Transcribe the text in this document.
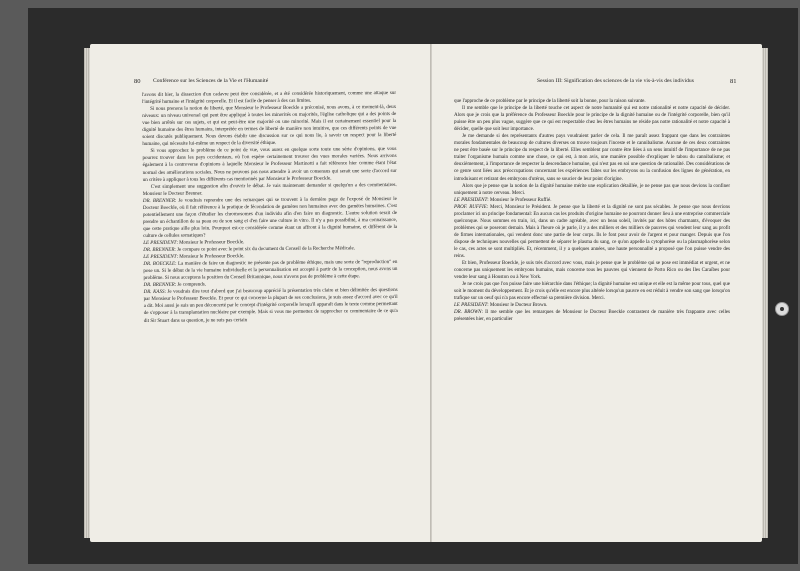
80 Conférence sur les Sciences de la Vie et l'Humanité

l'avons dit hier, la dissection d'un cadavre peut être considérée, et a été considérée historiquement, comme une attaque sur l'intégrité humaine et l'intégrité corporelle. Et il est facile de penser à des cas limites.

Si nous prenons la notion de liberté, que Monsieur le Professeur Boeckle a préconisé, nous avons, à ce moment-là, deux niveaux: un niveau universel qui peut être appliqué à toutes les minorités ou majorités, l'église catholique qui a des points de vue bien arrêtés sur ces sujets, et qui est peut-être une majorité ou une minorité. Mais il est certainement essentiel pour la dignité humaine des êtres humains, interprétée en termes de liberté de manière non intuitive, que ces différents points de vue soient discutés publiquement. Nous devons établir une discussion sur ce qui nous lie, à savoir un respect pour la liberté humaine, qui nécessite lui-même un respect de la diversité éthique.

Si vous approchez le problème de ce point de vue, vous aurez en quelque sorte toute une série d'opinions, que vous pourrez trouver dans les pays occidentaux, où l'on espère certainement trouver des vues morales variées. Nous arrivons également à la controverse d'opinions à laquelle Monsieur le Professeur Martinotti a fait référence hier comme étant l'état normal des améliorations sociales. Nous ne pouvons pas nous attendre à avoir un consensus qui serait une sorte d'accord sur un critère à appliquer à tous les différents cas mentionnés par Monsieur le Professeur Boeckle.

C'est simplement une suggestion afin d'ouvrir le débat. Je vais maintenant demander si quelqu'un a des commentaires. Monsieur le Docteur Brenner.

DR. BRENNER: Je voudrais reprendre une des remarques qui se trouvent à la dernière page de l'exposé de Monsieur le Docteur Boeckle, où il fait référence à la pratique de fécondation de gamètes non humaines avec des gamètes humaines. C'est potentiellement une façon d'étudier les chromosomes d'un individu afin d'en faire un diagnostic. L'autre solution serait de prendre un échantillon de sa peau ou de son sang et d'en faire une culture in vitro. Il n'y a pas possibilité, à ma connaissance, que cette pratique aille plus loin. Pourquoi est-ce considérée comme étant un affront à la dignité humaine, et différent de la culture de cellules somatiques?

LE PRESIDENT: Monsieur le Professeur Boeckle.

DR. BRENNER: Je compare ce point avec le point six du document du Conseil de la Recherche Médicale.

LE PRESIDENT: Monsieur le Professeur Boeckle.

DR. BOECKLE: La manière de faire un diagnostic ne présente pas de problème éthique, mais une sorte de "reproduction" en pose un. Si le début de la vie humaine individuelle et la personnalisation est accepté à partir de la conception, nous avons un problème. Si nous acceptons la position du Conseil Britannique, nous n'avons pas de problème à cette étape.

DR. BRENNER: Je comprends.

DR. KASS: Je voudrais dire tout d'abord que j'ai beaucoup apprécié la présentation très claire et bien délimitée des questions par Monsieur le Professeur Boeckle. Et pour ce qui concerne la plupart de ses conclusions, je suis assez d'accord avec ce qu'il a dit. Moi aussi je suis un peu déconcerté par le concept d'intégrité corporelle lorsqu'il apparaît dans le texte comme permettant de s'opposer à la transplantation nucléaire par exemple. Mais si vous me permettez de rapprocher ce commentaire de ce qu'a dit Sir Stuart dans sa question, je ne suis pas certain

Session III: Signification des sciences de la vie vis-à-vis des individus	81

que l'approche de ce problème par le principe de la liberté soit la bonne, pour la raison suivante.

Il me semble que le principe de la liberté touche cet aspect de notre humanité qui est notre rationalité et notre capacité de décider. Alors que je crois que la préférence du Professeur Boeckle pour le principe de la dignité humaine ou de l'intégrité corporelle, bien qu'il puisse être un peu plus vague, suggère que ce qui est respectable chez les êtres humains ne réside pas notre rationalité et notre capacité à décider, quelle que soit leur importance.

Je me demande si des représentants d'autres pays voudraient parler de cela. Il me paraît assez frappant que dans les contraintes morales fondamentales de beaucoup de cultures diverses on trouve toujours l'inceste et le cannibalisme. Aucune de ces deux contraintes ne peut être basée sur le principe du respect de la liberté. Elles semblent par contre être liées à un sens intuitif de l'importance de ne pas traiter l'organisme humain comme une chose, ce qui est, à mon avis, une manière possible d'expliquer le tabou du cannibalisme; et deuxièmement, à l'importance de respecter la descendance humaine, qui n'est pas en soi une question de rationalité. Des considérations de ce genre sont liées aux préoccupations concernant les expériences faites sur les embryons ou la confusion des lignes de génération, en introduisant et retirant des embryons d'utérus, sans se soucier de leur point d'origine.

Alors que je pense que la notion de la dignité humaine mérite une explication détaillée, je ne pense pas que nous devions la confiner uniquement à notre cerveau. Merci.

LE PRESIDENT: Monsieur le Professeur Ruffié.

PROF. RUFFIE: Merci, Monsieur le Président. Je pense que la liberté et la dignité ne sont pas sécables. Je pense que nous devrions proclamer ici un principe fondamental: En aucun cas les produits d'origine humaine ne pourront donner lieu à une entreprise commerciale quelconque. Nous sommes en train, ici, dans un cadre agréable, avec un beau soleil, invités par des hôtes charmants, d'évoquer des problèmes qui se poseront demain. Mais à l'heure où je parle, il y a des milliers et des milliers de pauvres qui vendent leur sang au profit de firmes internationales, qui vendent donc une partie de leur corps. Ils le font pour avoir de l'argent et pour manger. Depuis que l'on dispose de techniques nouvelles qui permettent de séparer le plasma du sang, ce qu'on appelle la cytophorèse ou la plasmaphorèse selon le cas, ces actes se sont multipliés. Et, récemment, il y a quelques années, une haute personnalité a proposé que l'on puisse vendre des reins.

Et bien, Professeur Boeckle, je suis très d'accord avec vous, mais je pense que le problème qui se pose est immédiat et urgent, et ne concerne pas uniquement les embryons humains, mais concerne tous les pauvres qui viennent de Porto Rico ou des Iles Caraïbes pour vendre leur sang à Houston ou à New York.

Je ne crois pas que l'on puisse faire une hiérarchie dans l'éthique; la dignité humaine est unique et elle est la même pour tous, quel que soit le moment du développement. Et je crois qu'elle est encore plus altérée lorsqu'un pauvre en est réduit à vendre son sang que lorsqu'on trafique sur un oeuf qui n'a pas encore effectué sa première division. Merci.

LE PRESIDENT: Monsieur le Docteur Brown.

DR. BROWN: Il me semble que les remarques de Monsieur le Docteur Boeckle contrastent de manière très frappante avec celles présentées hier, en particulier
